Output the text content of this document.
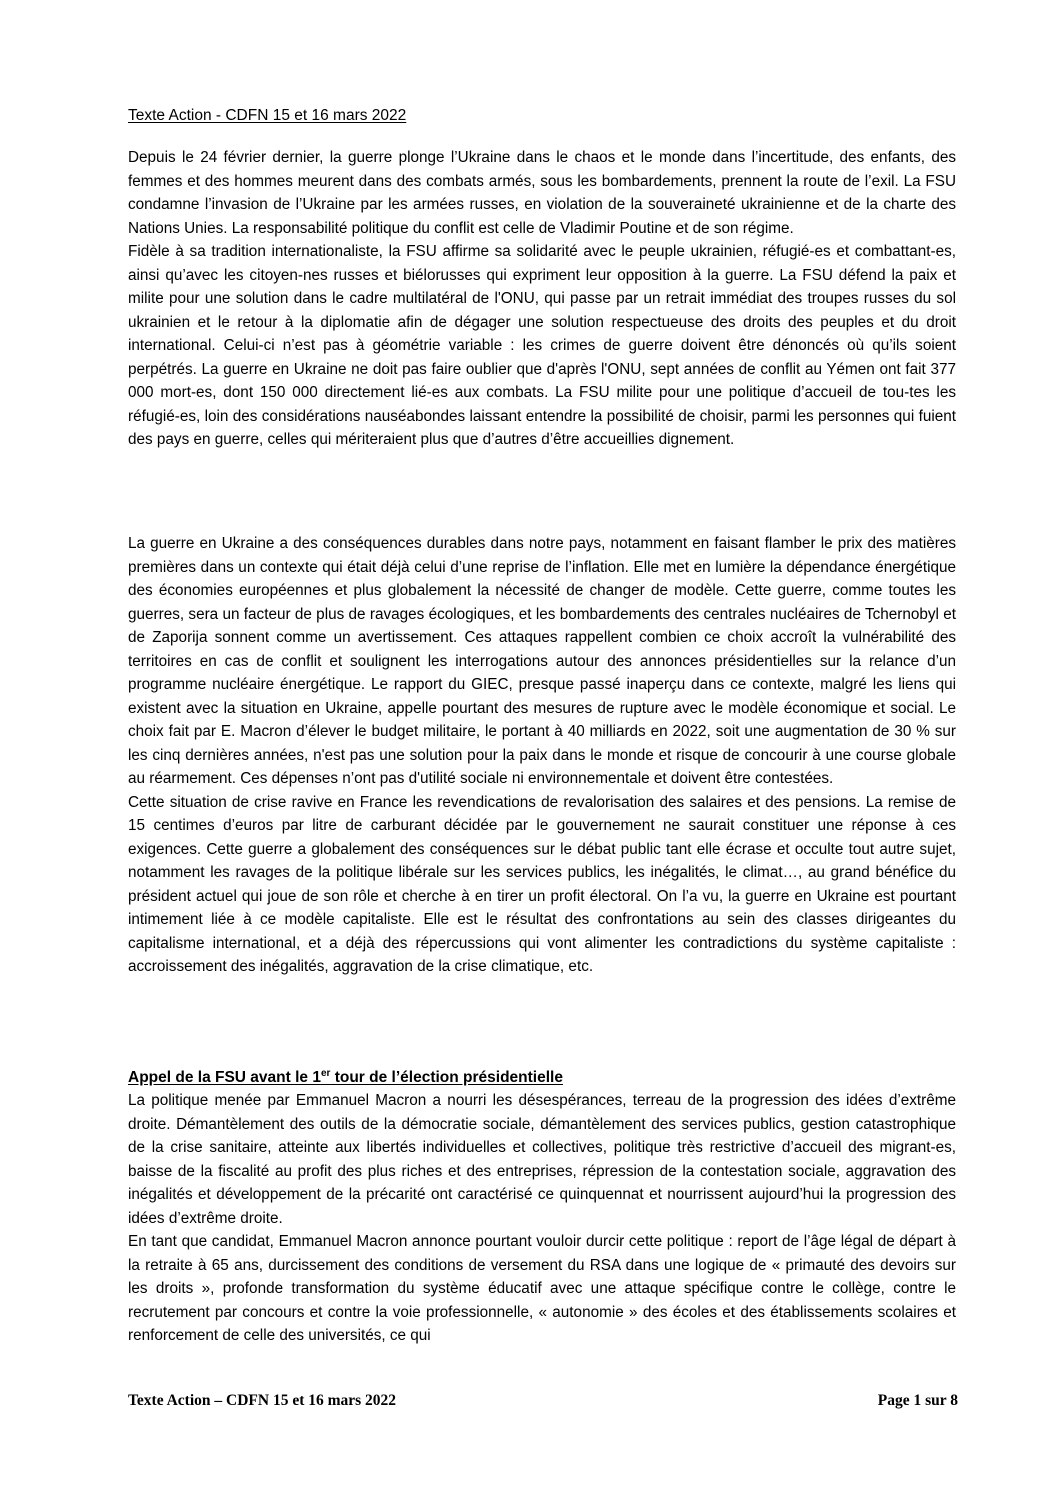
Texte Action - CDFN 15 et 16 mars 2022

Depuis le 24 février dernier, la guerre plonge l’Ukraine dans le chaos et le monde dans l’incertitude, des enfants, des femmes et des hommes meurent dans des combats armés, sous les bombardements, prennent la route de l’exil. La FSU condamne l’invasion de l’Ukraine par les armées russes, en violation de la souveraineté ukrainienne et de la charte des Nations Unies. La responsabilité politique du conflit est celle de Vladimir Poutine et de son régime.

Fidèle à sa tradition internationaliste, la FSU affirme sa solidarité avec le peuple ukrainien, réfugié-es et combattant-es, ainsi qu’avec les citoyen-nes russes et biélorusses qui expriment leur opposition à la guerre. La FSU défend la paix et milite pour une solution dans le cadre multilatéral de l'ONU, qui passe par un retrait immédiat des troupes russes du sol ukrainien et le retour à la diplomatie afin de dégager une solution respectueuse des droits des peuples et du droit international. Celui-ci n’est pas à géométrie variable : les crimes de guerre doivent être dénoncés où qu’ils soient perpétrés. La guerre en Ukraine ne doit pas faire oublier que d'après l'ONU, sept années de conflit au Yémen ont fait 377 000 mort-es, dont 150 000 directement lié-es aux combats. La FSU milite pour une politique d’accueil de tou-tes les réfugié-es, loin des considérations nauséabondes laissant entendre la possibilité de choisir, parmi les personnes qui fuient des pays en guerre, celles qui mériteraient plus que d’autres d’être accueillies dignement.

La guerre en Ukraine a des conséquences durables dans notre pays, notamment en faisant flamber le prix des matières premières dans un contexte qui était déjà celui d’une reprise de l’inflation. Elle met en lumière la dépendance énergétique des économies européennes et plus globalement la nécessité de changer de modèle. Cette guerre, comme toutes les guerres, sera un facteur de plus de ravages écologiques, et les bombardements des centrales nucléaires de Tchernobyl et de Zaporija sonnent comme un avertissement. Ces attaques rappellent combien ce choix accroît la vulnérabilité des territoires en cas de conflit et soulignent les interrogations autour des annonces présidentielles sur la relance d’un programme nucléaire énergétique. Le rapport du GIEC, presque passé inaperçu dans ce contexte, malgré les liens qui existent avec la situation en Ukraine, appelle pourtant des mesures de rupture avec le modèle économique et social. Le choix fait par E. Macron d’élever le budget militaire, le portant à 40 milliards en 2022, soit une augmentation de 30 % sur les cinq dernières années, n'est pas une solution pour la paix dans le monde et risque de concourir à une course globale au réarmement. Ces dépenses n’ont pas d'utilité sociale ni environnementale et doivent être contestées.

Cette situation de crise ravive en France les revendications de revalorisation des salaires et des pensions. La remise de 15 centimes d’euros par litre de carburant décidée par le gouvernement ne saurait constituer une réponse à ces exigences. Cette guerre a globalement des conséquences sur le débat public tant elle écrase et occulte tout autre sujet, notamment les ravages de la politique libérale sur les services publics, les inégalités, le climat…, au grand bénéfice du président actuel qui joue de son rôle et cherche à en tirer un profit électoral. On l’a vu, la guerre en Ukraine est pourtant intimement liée à ce modèle capitaliste. Elle est le résultat des confrontations au sein des classes dirigeantes du capitalisme international, et a déjà des répercussions qui vont alimenter les contradictions du système capitaliste : accroissement des inégalités, aggravation de la crise climatique, etc.

Appel de la FSU avant le 1er tour de l’élection présidentielle

La politique menée par Emmanuel Macron a nourri les désespérances, terreau de la progression des idées d’extrême droite. Démantèlement des outils de la démocratie sociale, démantèlement des services publics, gestion catastrophique de la crise sanitaire, atteinte aux libertés individuelles et collectives, politique très restrictive d’accueil des migrant-es, baisse de la fiscalité au profit des plus riches et des entreprises, répression de la contestation sociale, aggravation des inégalités et développement de la précarité ont caractérisé ce quinquennat et nourrissent aujourd’hui la progression des idées d’extrême droite.

En tant que candidat, Emmanuel Macron annonce pourtant vouloir durcir cette politique : report de l’âge légal de départ à la retraite à 65 ans, durcissement des conditions de versement du RSA dans une logique de « primauté des devoirs sur les droits », profonde transformation du système éducatif avec une attaque spécifique contre le collège, contre le recrutement par concours et contre la voie professionnelle, « autonomie » des écoles et des établissements scolaires et renforcement de celle des universités, ce qui

Texte Action – CDFN 15 et 16 mars 2022	Page 1 sur 8
